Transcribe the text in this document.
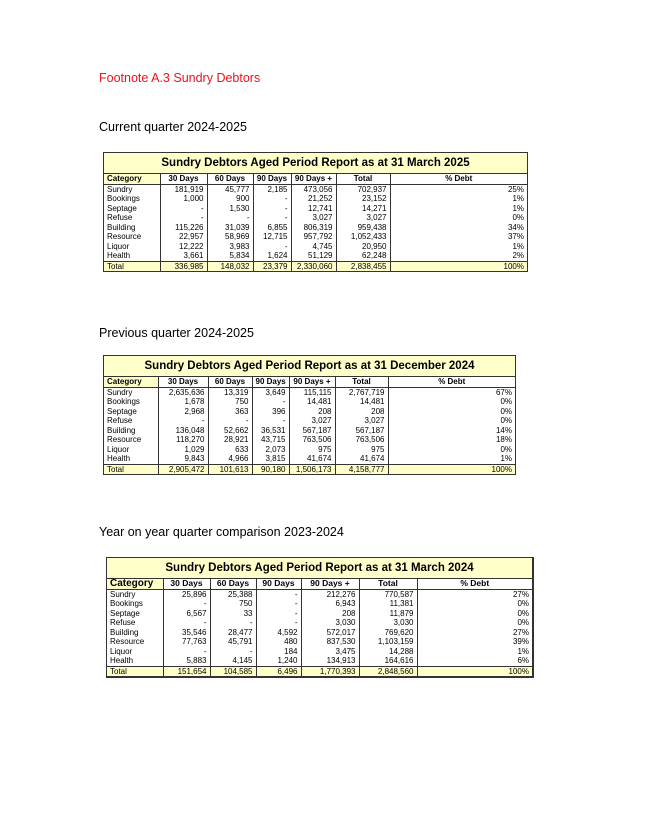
Footnote A.3 Sundry Debtors
Current quarter 2024-2025
Sundry Debtors Aged Period Report as at 31 March 2025
Category	30 Days	60 Days	90 Days	90 Days +	Total	% Debt
Sundry	181,919	45,777	2,185	473,056	702,937	25%
Bookings	1,000	900	-	21,252	23,152	1%
Septage	-	1,530	-	12,741	14,271	1%
Refuse	-	-	-	3,027	3,027	0%
Building	115,226	31,039	6,855	806,319	959,438	34%
Resource	22,957	58,969	12,715	957,792	1,052,433	37%
Liquor	12,222	3,983	-	4,745	20,950	1%
Health	3,661	5,834	1,624	51,129	62,248	2%
Total	336,985	148,032	23,379	2,330,060	2,838,455	100%
Previous quarter 2024-2025
Sundry Debtors Aged Period Report as at 31 December 2024
Category	30 Days	60 Days	90 Days	90 Days +	Total	% Debt
Sundry	2,635,636	13,319	3,649	115,115	2,767,719	67%
Bookings	1,678	750	-	14,481	14,481	0%
Septage	2,968	363	396	208	208	0%
Refuse	-	-	-	3,027	3,027	0%
Building	136,048	52,662	36,531	567,187	567,187	14%
Resource	118,270	28,921	43,715	763,506	763,506	18%
Liquor	1,029	633	2,073	975	975	0%
Health	9,843	4,966	3,815	41,674	41,674	1%
Total	2,905,472	101,613	90,180	1,506,173	4,158,777	100%
Year on year quarter comparison 2023-2024
Sundry Debtors Aged Period Report as at 31 March 2024
Category	30 Days	60 Days	90 Days	90 Days +	Total	% Debt
Sundry	25,896	25,388	-	212,276	770,587	27%
Bookings	-	750	-	6,943	11,381	0%
Septage	6,567	33	-	208	11,879	0%
Refuse	-	-	-	3,030	3,030	0%
Building	35,546	28,477	4,592	572,017	769,620	27%
Resource	77,763	45,791	480	837,530	1,103,159	39%
Liquor	-	-	184	3,475	14,288	1%
Health	5,883	4,145	1,240	134,913	164,616	6%
Total	151,654	104,585	6,496	1,770,393	2,848,560	100%
